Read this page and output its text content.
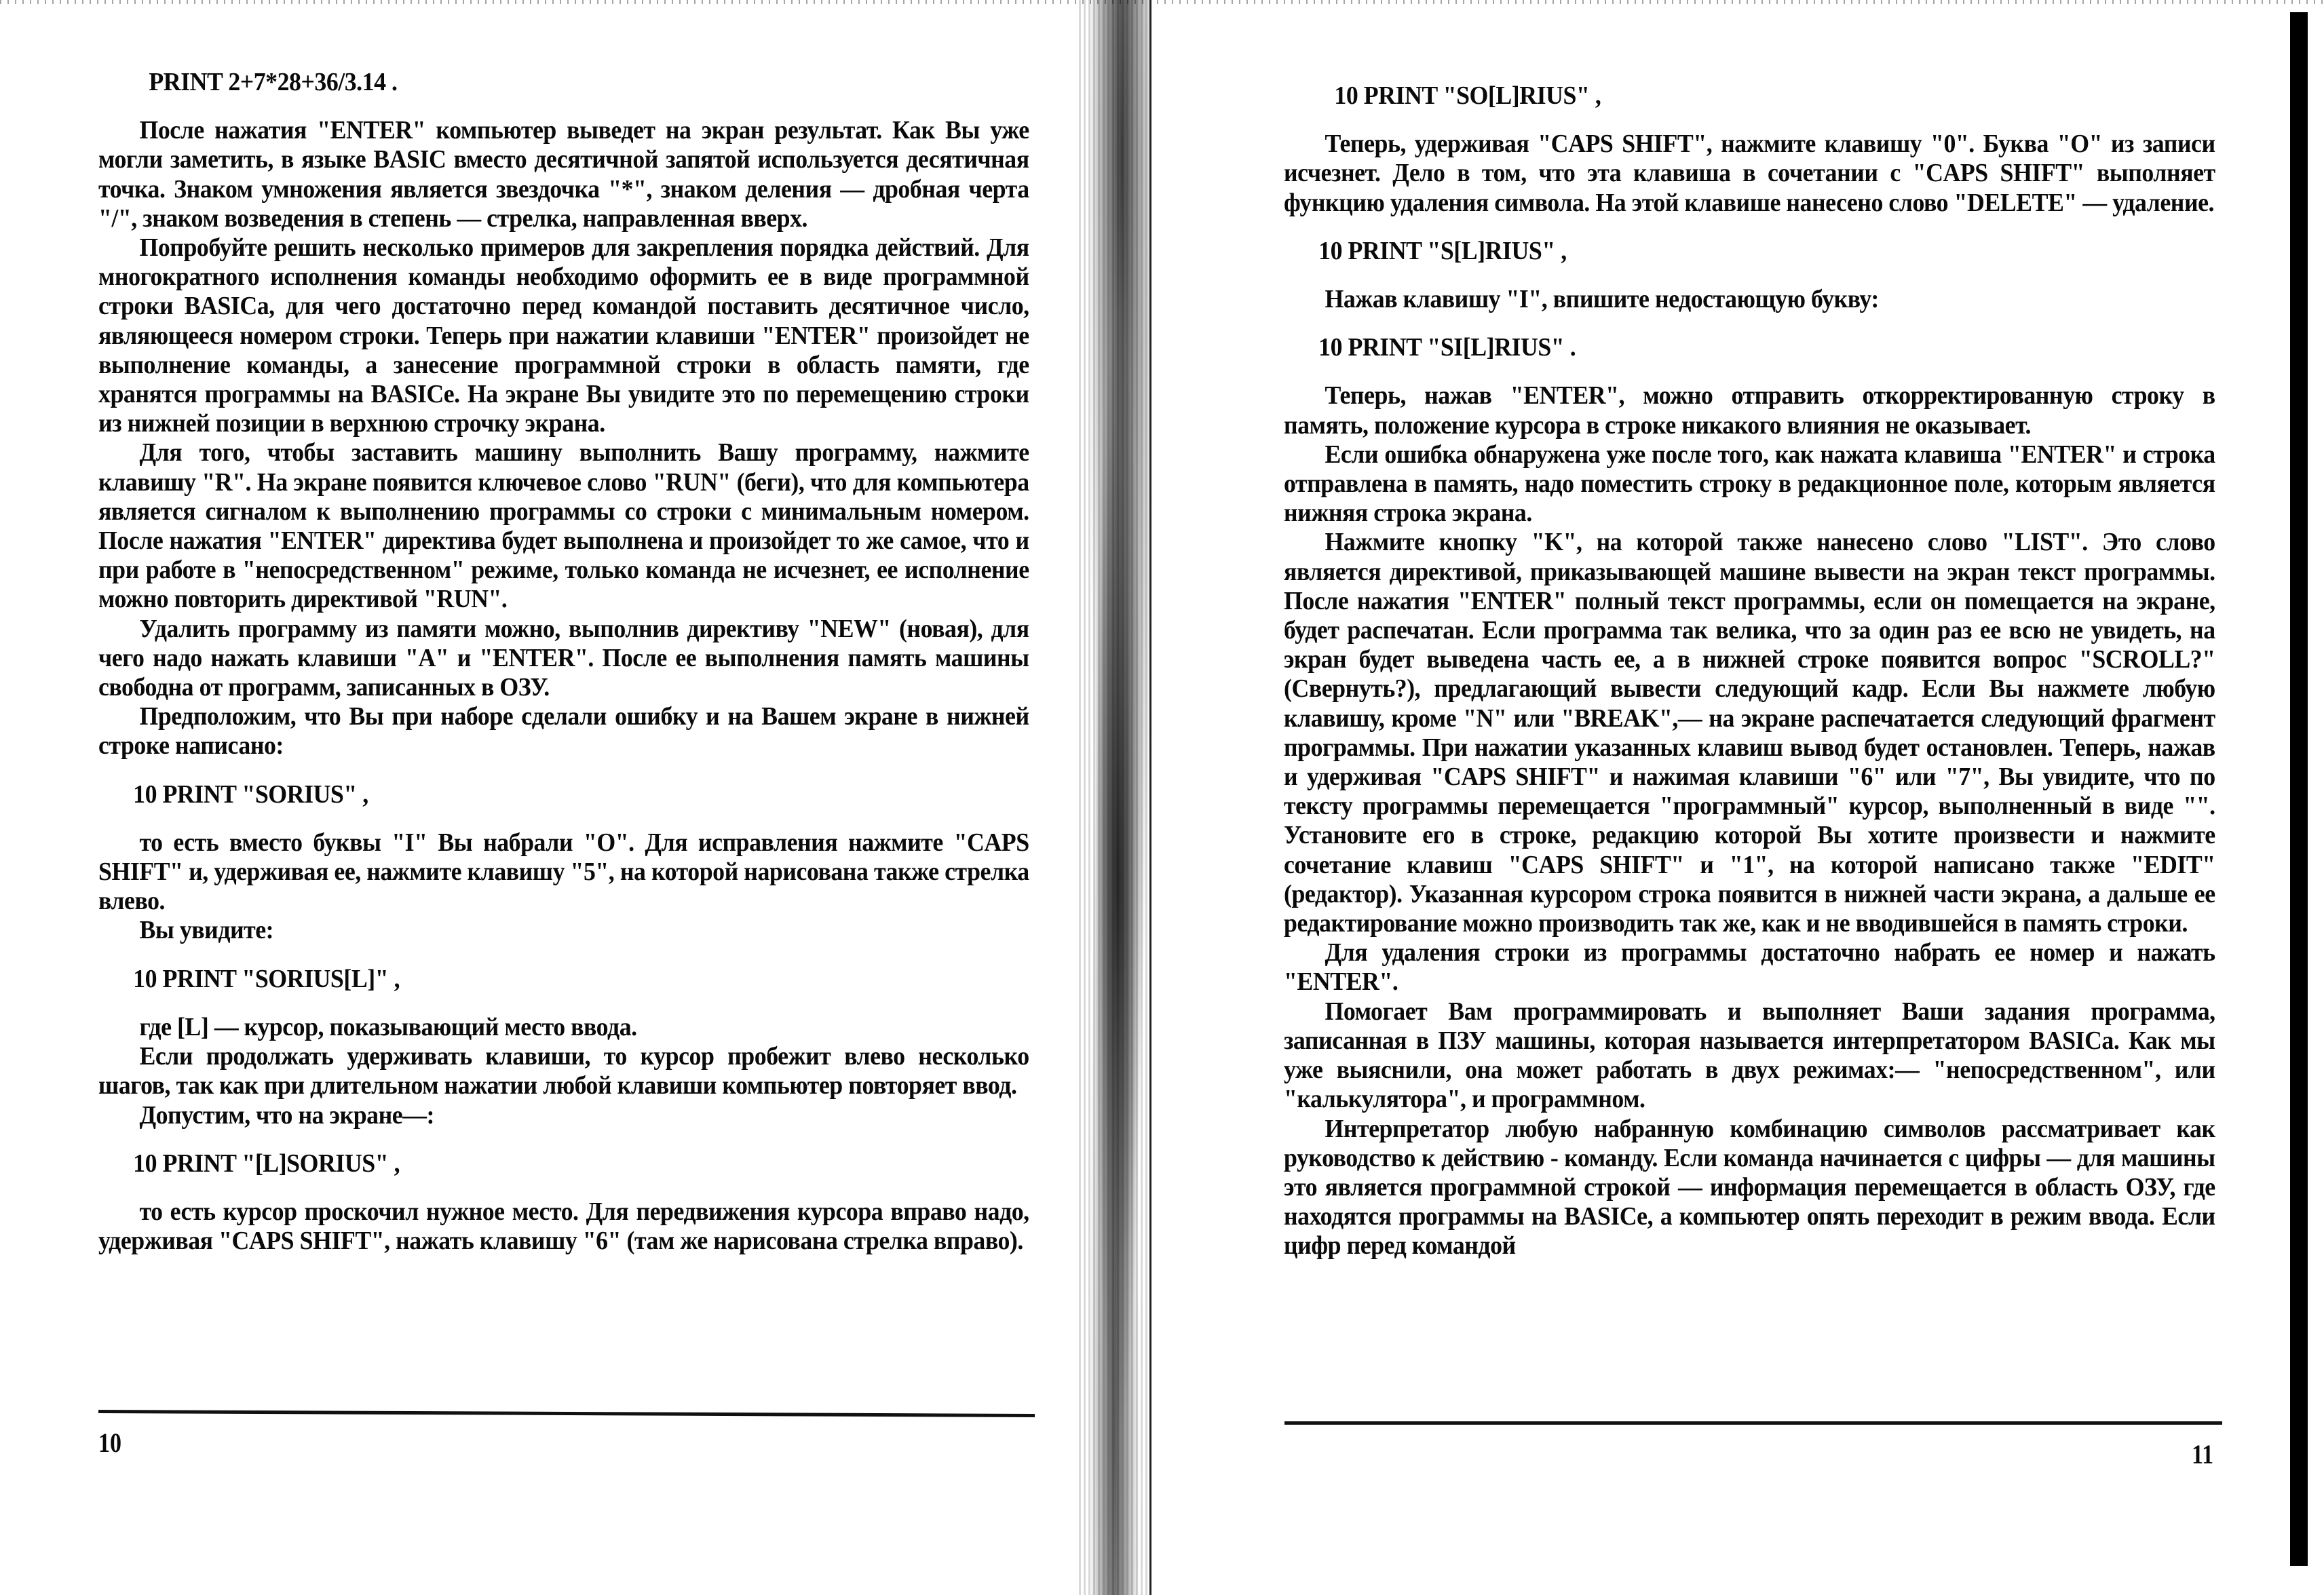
PRINT 2+7*28+36/3.14 .

После нажатия "ENTER" компьютер выведет на экран результат. Как Вы уже могли заметить, в языке BASIC вместо десятичной запятой используется десятичная точка. Знаком умножения является звездочка "*", знаком деления — дробная черта "/", знаком возведения в степень — стрелка, направленная вверх.

Попробуйте решить несколько примеров для закрепления порядка действий. Для многократного исполнения команды необходимо оформить ее в виде программной строки BASICa, для чего достаточно перед командой поставить десятичное число, являющееся номером строки. Теперь при нажатии клавиши "ENTER" произойдет не выполнение команды, а занесение программной строки в область памяти, где хранятся программы на BASICe. На экране Вы увидите это по перемещению строки из нижней позиции в верхнюю строчку экрана.

Для того, чтобы заставить машину выполнить Вашу программу, нажмите клавишу "R". На экране появится ключевое слово "RUN" (беги), что для компьютера является сигналом к выполнению программы со строки с минимальным номером. После нажатия "ENTER" директива будет выполнена и произойдет то же самое, что и при работе в "непосредственном" режиме, только команда не исчезнет, ее исполнение можно повторить директивой "RUN".

Удалить программу из памяти можно, выполнив директиву "NEW" (новая), для чего надо нажать клавиши "A" и "ENTER". После ее выполнения память машины свободна от программ, записанных в ОЗУ.

Предположим, что Вы при наборе сделали ошибку и на Вашем экране в нижней строке написано:

10 PRINT "SORIUS" ,

то есть вместо буквы "I" Вы набрали "O". Для исправления нажмите "CAPS SHIFT" и, удерживая ее, нажмите клавишу "5", на которой нарисована также стрелка влево.

Вы увидите:

10 PRINT "SORIUS[L]" ,

где [L] — курсор, показывающий место ввода.

Если продолжать удерживать клавиши, то курсор пробежит влево несколько шагов, так как при длительном нажатии любой клавиши компьютер повторяет ввод.

Допустим, что на экране—:

10 PRINT "[L]SORIUS" ,

то есть курсор проскочил нужное место. Для передвижения курсора вправо надо, удерживая "CAPS SHIFT", нажать клавишу "6" (там же нарисована стрелка вправо).

10

10 PRINT "SO[L]RIUS" ,

Теперь, удерживая "CAPS SHIFT", нажмите клавишу "0". Буква "O" из записи исчезнет. Дело в том, что эта клавиша в сочетании с "CAPS SHIFT" выполняет функцию удаления символа. На этой клавише нанесено слово "DELETE" — удаление.

10 PRINT "S[L]RIUS" ,

Нажав клавишу "I", впишите недостающую букву:

10 PRINT "SI[L]RIUS" .

Теперь, нажав "ENTER", можно отправить откорректированную строку в память, положение курсора в строке никакого влияния не оказывает.

Если ошибка обнаружена уже после того, как нажата клавиша "ENTER" и строка отправлена в память, надо поместить строку в редакционное поле, которым является нижняя строка экрана.

Нажмите кнопку "K", на которой также нанесено слово "LIST". Это слово является директивой, приказывающей машине вывести на экран текст программы. После нажатия "ENTER" полный текст программы, если он помещается на экране, будет распечатан. Если программа так велика, что за один раз ее всю не увидеть, на экран будет выведена часть ее, а в нижней строке появится вопрос "SCROLL?" (Свернуть?), предлагающий вывести следующий кадр. Если Вы нажмете любую клавишу, кроме "N" или "BREAK",— на экране распечатается следующий фрагмент программы. При нажатии указанных клавиш вывод будет остановлен. Теперь, нажав и удерживая "CAPS SHIFT" и нажимая клавиши "6" или "7", Вы увидите, что по тексту программы перемещается "программный" курсор, выполненный в виде "". Установите его в строке, редакцию которой Вы хотите произвести и нажмите сочетание клавиш "CAPS SHIFT" и "1", на которой написано также "EDIT" (редактор). Указанная курсором строка появится в нижней части экрана, а дальше ее редактирование можно производить так же, как и не вводившейся в память строки.

Для удаления строки из программы достаточно набрать ее номер и нажать "ENTER".

Помогает Вам программировать и выполняет Ваши задания программа, записанная в ПЗУ машины, которая называется интерпретатором BASICa. Как мы уже выяснили, она может работать в двух режимах:— "непосредственном", или "калькулятора", и программном.

Интерпретатор любую набранную комбинацию символов рассматривает как руководство к действию - команду. Если команда начинается с цифры — для машины это является программной строкой — информация перемещается в область ОЗУ, где находятся программы на BASICe, а компьютер опять переходит в режим ввода. Если цифр перед командой

11
